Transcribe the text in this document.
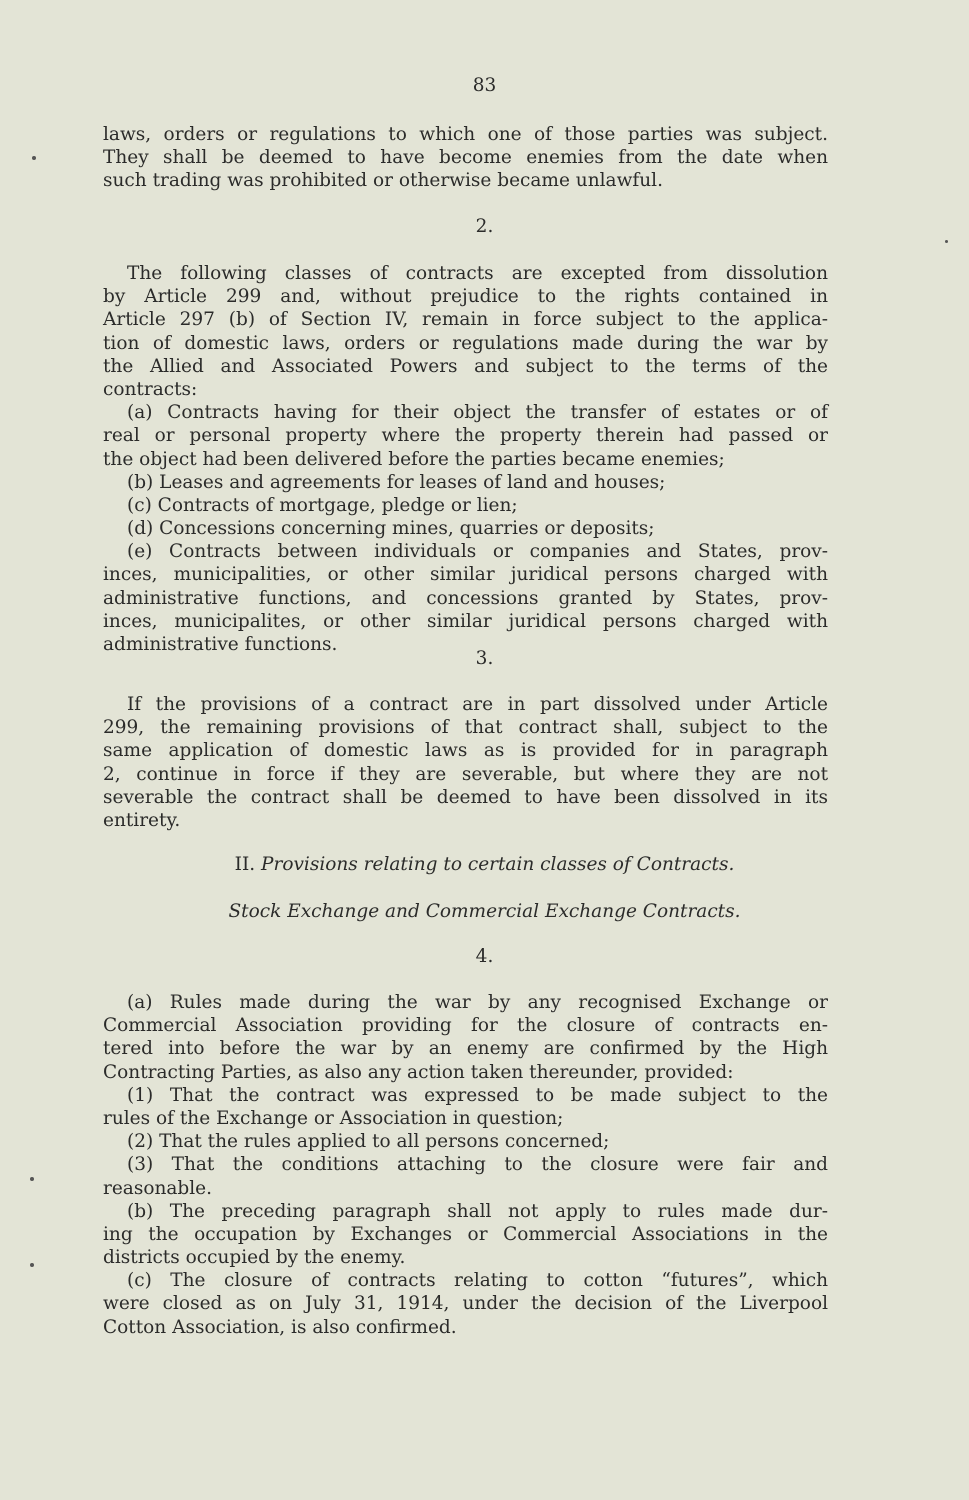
83
laws, orders or regulations to which one of those parties was subject.
They shall be deemed to have become enemies from the date when
such trading was prohibited or otherwise became unlawful.
2.
The following classes of contracts are excepted from dissolution
by Article 299 and, without prejudice to the rights contained in
Article 297 (b) of Section IV, remain in force subject to the applica-
tion of domestic laws, orders or regulations made during the war by
the Allied and Associated Powers and subject to the terms of the
contracts:
(a) Contracts having for their object the transfer of estates or of
real or personal property where the property therein had passed or
the object had been delivered before the parties became enemies;
(b) Leases and agreements for leases of land and houses;
(c) Contracts of mortgage, pledge or lien;
(d) Concessions concerning mines, quarries or deposits;
(e) Contracts between individuals or companies and States, prov-
inces, municipalities, or other similar juridical persons charged with
administrative functions, and concessions granted by States, prov-
inces, municipalites, or other similar juridical persons charged with
administrative functions.
3.
If the provisions of a contract are in part dissolved under Article
299, the remaining provisions of that contract shall, subject to the
same application of domestic laws as is provided for in paragraph
2, continue in force if they are severable, but where they are not
severable the contract shall be deemed to have been dissolved in its
entirety.
II. Provisions relating to certain classes of Contracts.
Stock Exchange and Commercial Exchange Contracts.
4.
(a) Rules made during the war by any recognised Exchange or
Commercial Association providing for the closure of contracts en-
tered into before the war by an enemy are confirmed by the High
Contracting Parties, as also any action taken thereunder, provided:
(1) That the contract was expressed to be made subject to the
rules of the Exchange or Association in question;
(2) That the rules applied to all persons concerned;
(3) That the conditions attaching to the closure were fair and
reasonable.
(b) The preceding paragraph shall not apply to rules made dur-
ing the occupation by Exchanges or Commercial Associations in the
districts occupied by the enemy.
(c) The closure of contracts relating to cotton “futures”, which
were closed as on July 31, 1914, under the decision of the Liverpool
Cotton Association, is also confirmed.
